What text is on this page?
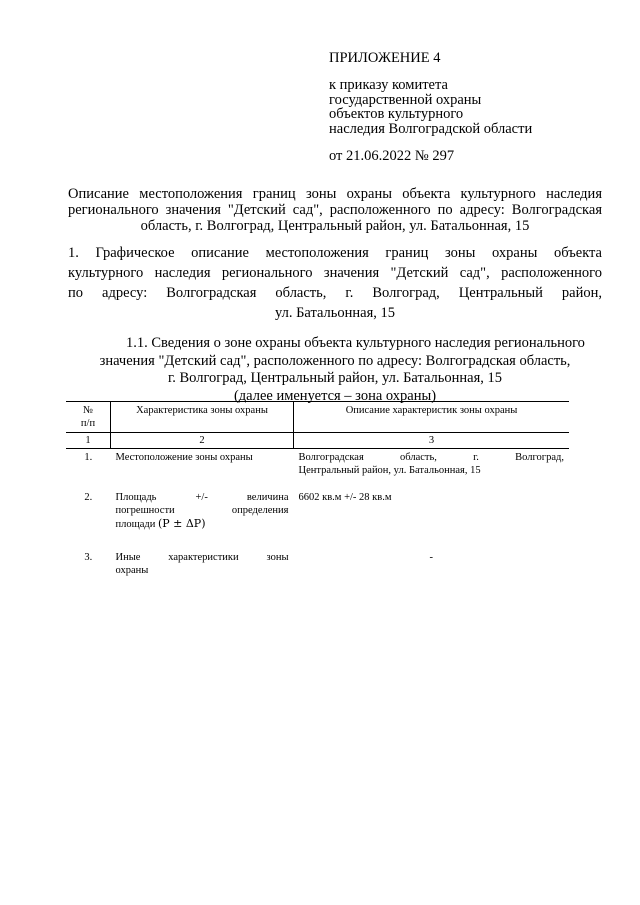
ПРИЛОЖЕНИЕ 4
к приказу комитета
государственной охраны
объектов культурного
наследия Волгоградской области
от 21.06.2022 № 297
Описание местоположения границ зоны охраны объекта культурного наследия
регионального значения "Детский сад", расположенного по адресу: Волгоградская
область, г. Волгоград, Центральный район, ул. Батальонная, 15
1. Графическое описание местоположения границ зоны охраны объекта
культурного наследия регионального значения "Детский сад", расположенного
по адресу: Волгоградская область, г. Волгоград, Центральный район,
ул. Батальонная, 15
1.1. Сведения о зоне охраны объекта культурного наследия регионального
значения "Детский сад", расположенного по адресу: Волгоградская область,
г. Волгоград, Центральный район, ул. Батальонная, 15
(далее именуется – зона охраны)
№
п/п	Характеристика зоны охраны	Описание характеристик зоны охраны
1	2	3
1.	Местоположение зоны охраны	Волгоградская область, г. Волгоград,
Центральный район, ул. Батальонная, 15

2.	Площадь +/- величина
погрешности определения
площади (P ± ΔP)	6602 кв.м +/- 28 кв.м
3.	Иные характеристики зоны
охраны	-
